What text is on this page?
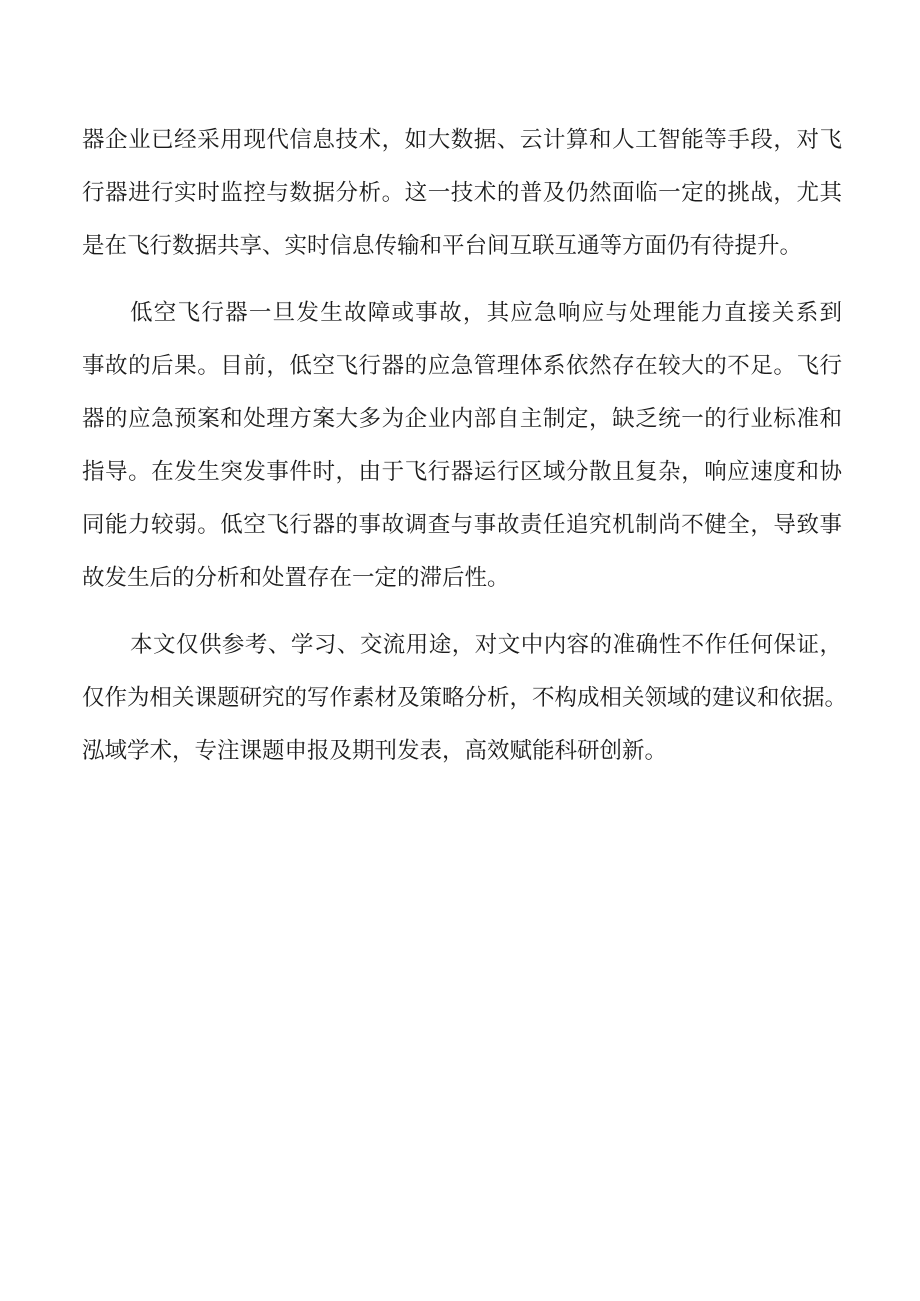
器企业已经采用现代信息技术，如大数据、云计算和人工智能等手段，对飞
行器进行实时监控与数据分析。这一技术的普及仍然面临一定的挑战，尤其
是在飞行数据共享、实时信息传输和平台间互联互通等方面仍有待提升。

低空飞行器一旦发生故障或事故，其应急响应与处理能力直接关系到
事故的后果。目前，低空飞行器的应急管理体系依然存在较大的不足。飞行
器的应急预案和处理方案大多为企业内部自主制定，缺乏统一的行业标准和
指导。在发生突发事件时，由于飞行器运行区域分散且复杂，响应速度和协
同能力较弱。低空飞行器的事故调查与事故责任追究机制尚不健全，导致事
故发生后的分析和处置存在一定的滞后性。

本文仅供参考、学习、交流用途，对文中内容的准确性不作任何保证，
仅作为相关课题研究的写作素材及策略分析，不构成相关领域的建议和依据。
泓域学术，专注课题申报及期刊发表，高效赋能科研创新。
